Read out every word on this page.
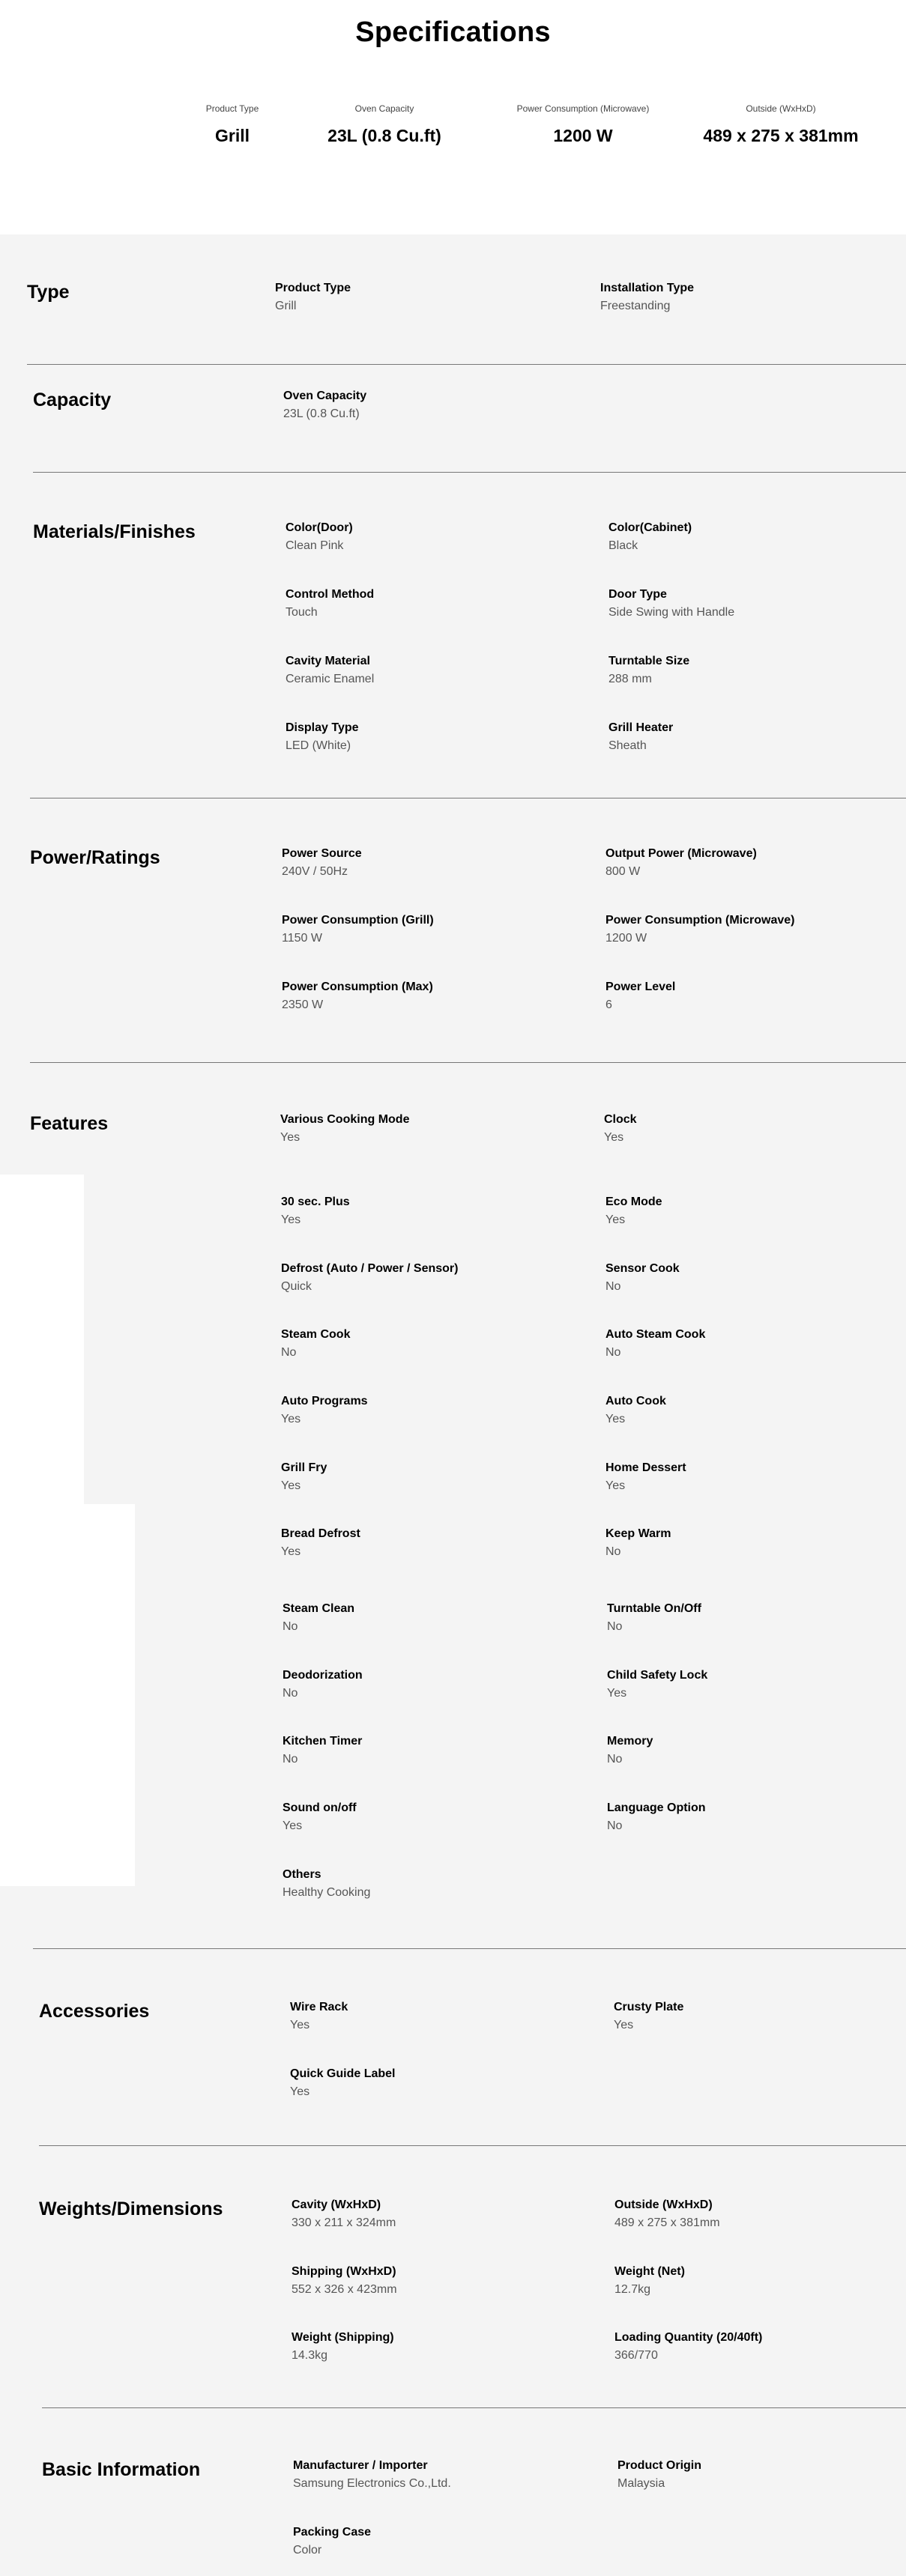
Specifications
Product Type
Grill
Oven Capacity
23L (0.8 Cu.ft)
Power Consumption (Microwave)
1200 W
Outside (WxHxD)
489 x 275 x 381mm
Type	Product Type
Grill
Installation Type
Freestanding
Capacity	Oven Capacity
23L (0.8 Cu.ft)
Materials/Finishes	Color(Door)
Clean Pink
Color(Cabinet)
Black
Control Method
Touch
Door Type
Side Swing with Handle
Cavity Material
Ceramic Enamel
Turntable Size
288 mm
Display Type
LED (White)
Grill Heater
Sheath
Power/Ratings	Power Source
240V / 50Hz
Output Power (Microwave)
800 W
Power Consumption (Grill)
1150 W
Power Consumption (Microwave)
1200 W
Power Consumption (Max)
2350 W
Power Level
6
Features	Various Cooking Mode
Yes
Clock
Yes
30 sec. Plus
Yes
Eco Mode
Yes
Defrost (Auto / Power / Sensor)
Quick
Sensor Cook
No
Steam Cook
No
Auto Steam Cook
No
Auto Programs
Yes
Auto Cook
Yes
Grill Fry
Yes
Home Dessert
Yes
Bread Defrost
Yes
Keep Warm
No
Steam Clean
No
Turntable On/Off
No
Deodorization
No
Child Safety Lock
Yes
Kitchen Timer
No
Memory
No
Sound on/off
Yes
Language Option
No
Others
Healthy Cooking
Accessories	Wire Rack
Yes
Crusty Plate
Yes
Quick Guide Label
Yes
Weights/Dimensions	Cavity (WxHxD)
330 x 211 x 324mm
Outside (WxHxD)
489 x 275 x 381mm
Shipping (WxHxD)
552 x 326 x 423mm
Weight (Net)
12.7kg
Weight (Shipping)
14.3kg
Loading Quantity (20/40ft)
366/770
Basic Information	Manufacturer / Importer
Samsung Electronics Co.,Ltd.
Product Origin
Malaysia
Packing Case
Color
